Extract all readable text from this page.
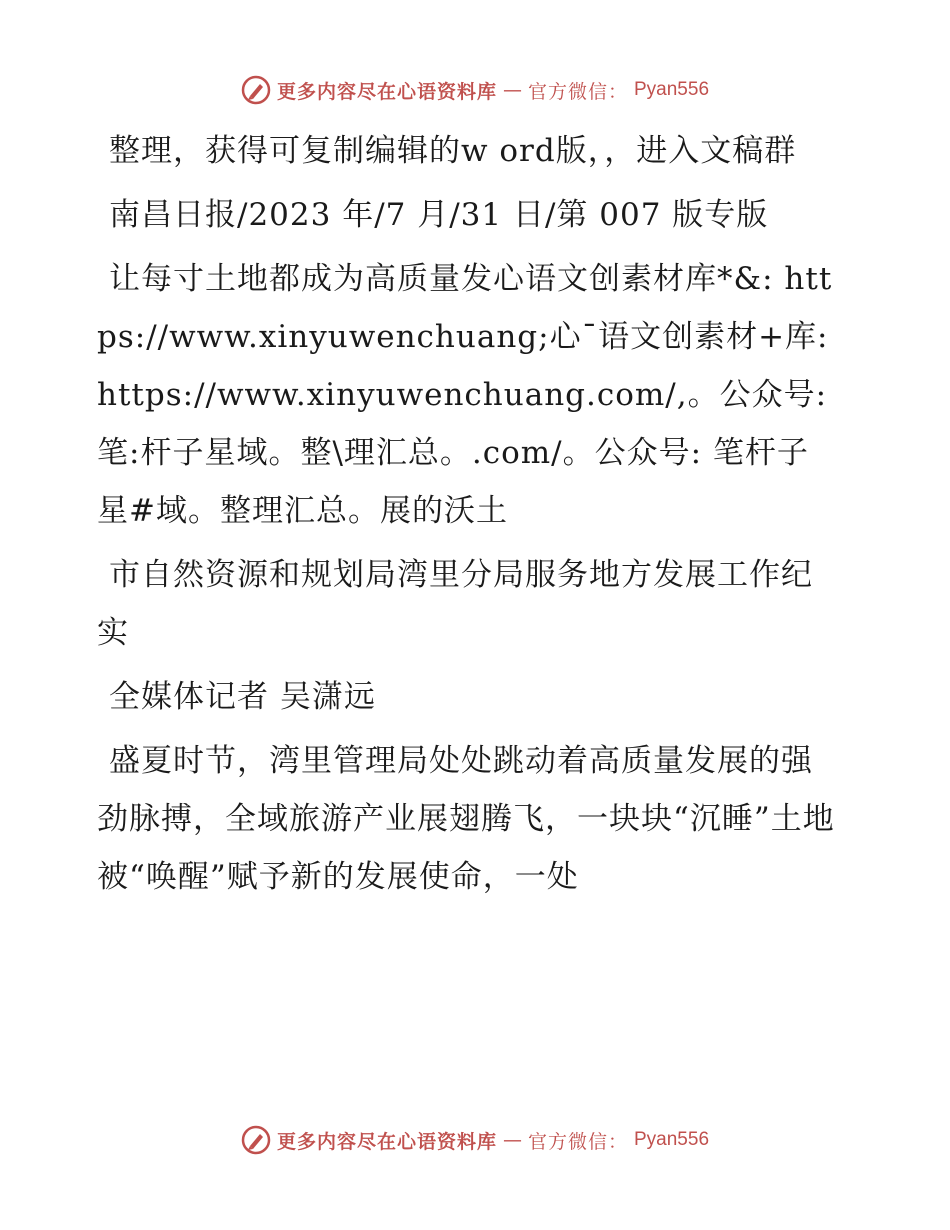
更多内容尽在心语资料库 — 官方微信： Pyan556

整理，获得可复制编辑的w ord版，，进入文稿群

南昌日报/2023 年/7 月/31 日/第 007 版专版

让每寸土地都成为高质量发心语文创素材库*&: https://www.xinyuwenchuang;心¯语文创素材+库: https://www.xinyuwenchuang.com/,。公众号: 笔:杆子星域。整\理汇总。.com/。公众号: 笔杆子星#域。整理汇总。展的沃土

市自然资源和规划局湾里分局服务地方发展工作纪实

全媒体记者 吴潇远

盛夏时节，湾里管理局处处跳动着高质量发展的强劲脉搏，全域旅游产业展翅腾飞，一块块“沉睡”土地被“唤醒”赋予新的发展使命，一处

更多内容尽在心语资料库 — 官方微信： Pyan556
